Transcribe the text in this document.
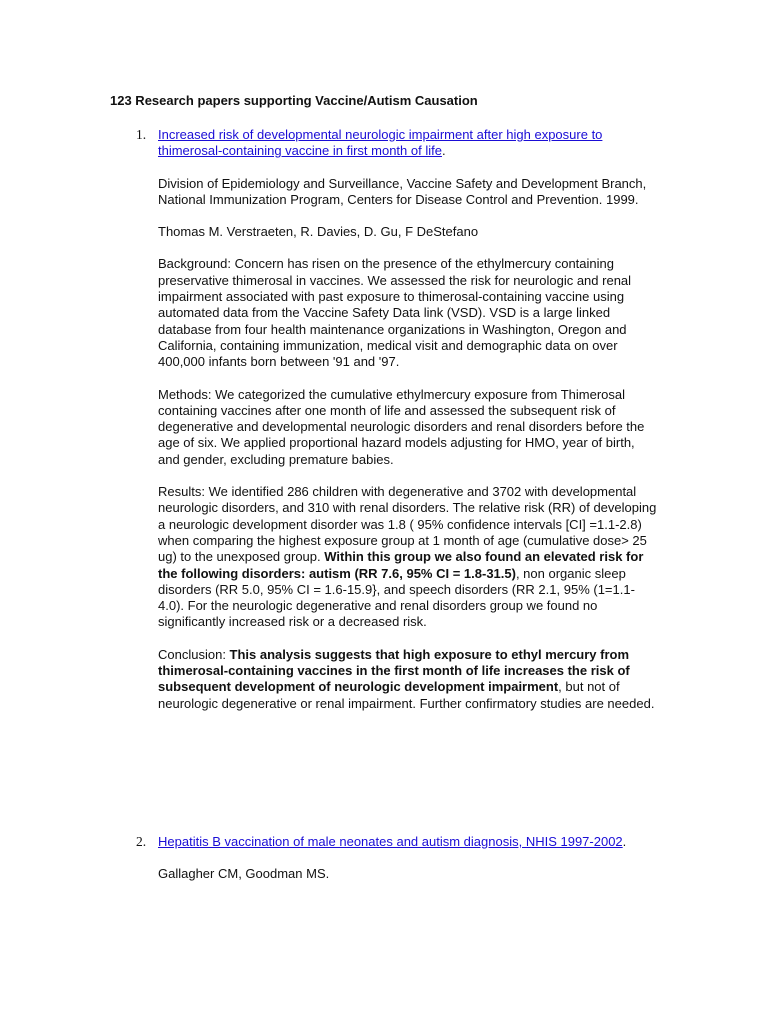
123 Research papers supporting Vaccine/Autism Causation
1. Increased risk of developmental neurologic impairment after high exposure to thimerosal-containing vaccine in first month of life.

Division of Epidemiology and Surveillance, Vaccine Safety and Development Branch, National Immunization Program, Centers for Disease Control and Prevention. 1999.

Thomas M. Verstraeten, R. Davies, D. Gu, F DeStefano

Background: Concern has risen on the presence of the ethylmercury containing preservative thimerosal in vaccines. We assessed the risk for neurologic and renal impairment associated with past exposure to thimerosal-containing vaccine using automated data from the Vaccine Safety Data link (VSD). VSD is a large linked database from four health maintenance organizations in Washington, Oregon and California, containing immunization, medical visit and demographic data on over 400,000 infants born between '91 and '97.

Methods: We categorized the cumulative ethylmercury exposure from Thimerosal containing vaccines after one month of life and assessed the subsequent risk of degenerative and developmental neurologic disorders and renal disorders before the age of six. We applied proportional hazard models adjusting for HMO, year of birth, and gender, excluding premature babies.

Results: We identified 286 children with degenerative and 3702 with developmental neurologic disorders, and 310 with renal disorders. The relative risk (RR) of developing a neurologic development disorder was 1.8 ( 95% confidence intervals [CI] =1.1-2.8) when comparing the highest exposure group at 1 month of age (cumulative dose> 25 ug) to the unexposed group. Within this group we also found an elevated risk for the following disorders: autism (RR 7.6, 95% CI = 1.8-31.5), non organic sleep disorders (RR 5.0, 95% CI = 1.6-15.9}, and speech disorders (RR 2.1, 95% (1=1.1-4.0). For the neurologic degenerative and renal disorders group we found no significantly increased risk or a decreased risk.

Conclusion: This analysis suggests that high exposure to ethyl mercury from thimerosal-containing vaccines in the first month of life increases the risk of subsequent development of neurologic development impairment, but not of neurologic degenerative or renal impairment. Further confirmatory studies are needed.

2. Hepatitis B vaccination of male neonates and autism diagnosis, NHIS 1997-2002.

Gallagher CM, Goodman MS.
